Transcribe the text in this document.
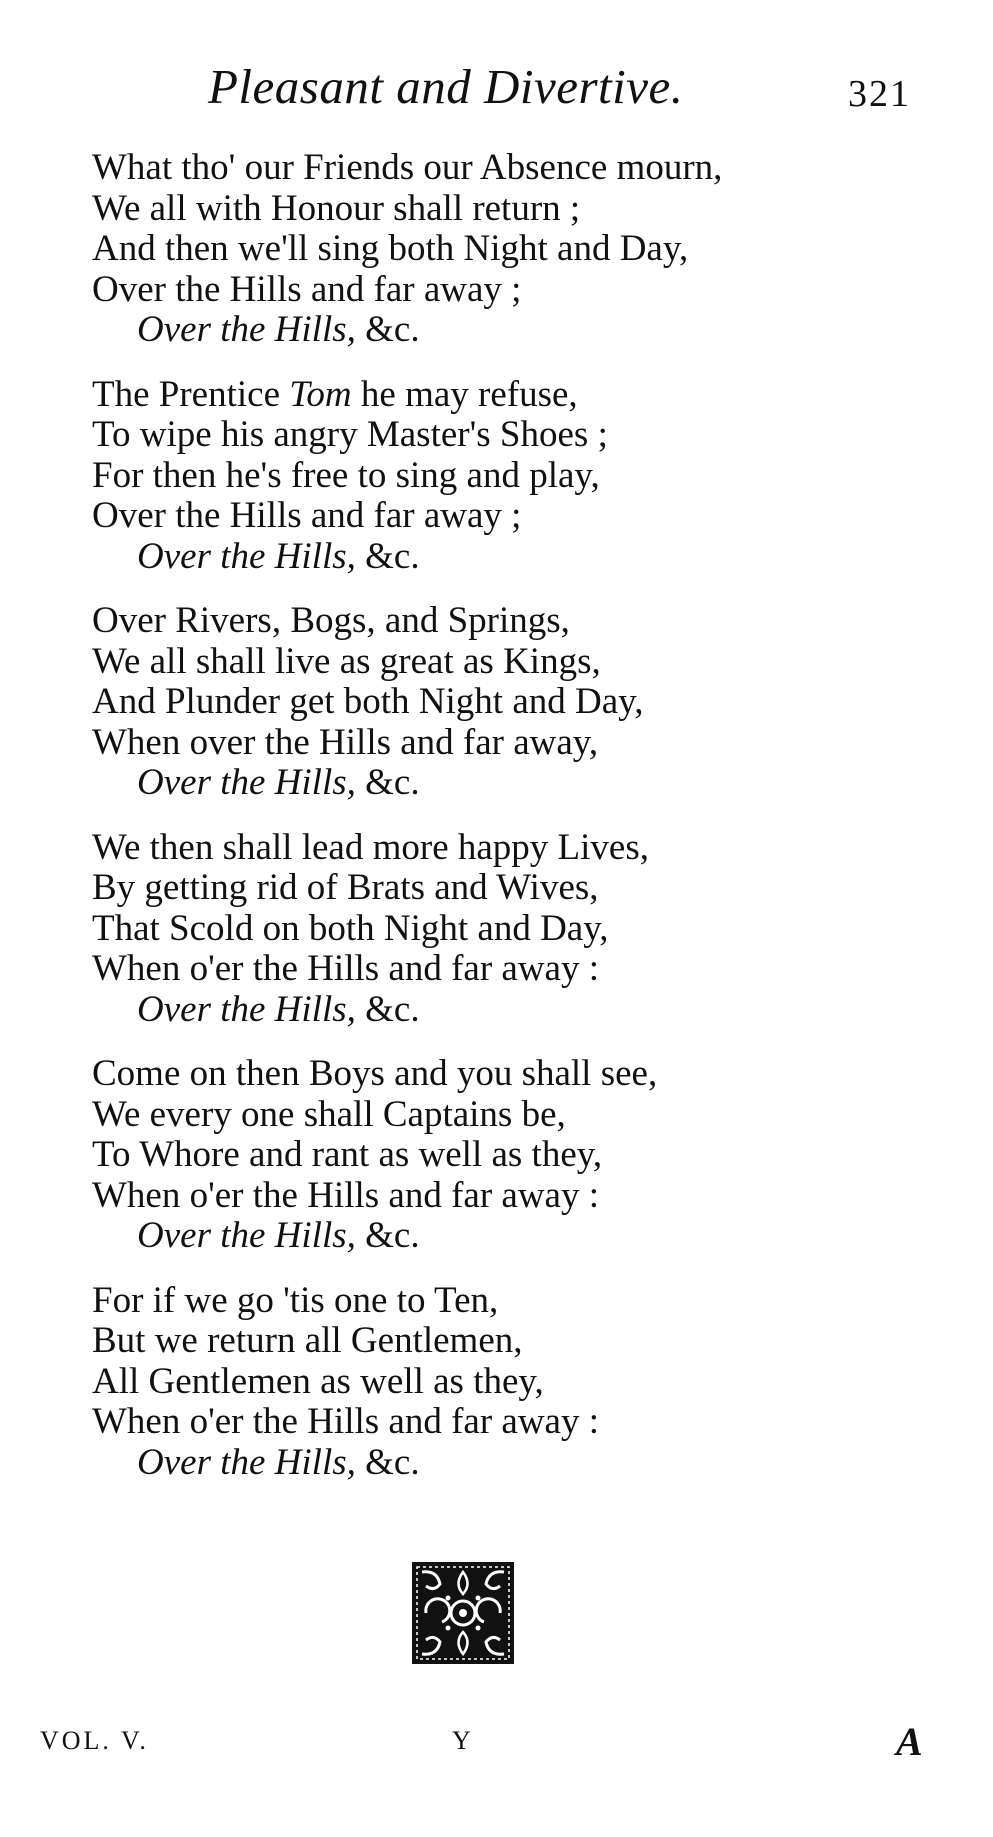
Pleasant and Divertive.	321
What tho' our Friends our Absence mourn,
We all with Honour shall return ;
And then we'll sing both Night and Day,
Over the Hills and far away ;
Over the Hills, &c.
The Prentice Tom he may refuse,
To wipe his angry Master's Shoes ;
For then he's free to sing and play,
Over the Hills and far away ;
Over the Hills, &c.
Over Rivers, Bogs, and Springs,
We all shall live as great as Kings,
And Plunder get both Night and Day,
When over the Hills and far away,
Over the Hills, &c.
We then shall lead more happy Lives,
By getting rid of Brats and Wives,
That Scold on both Night and Day,
When o'er the Hills and far away :
Over the Hills, &c.
Come on then Boys and you shall see,
We every one shall Captains be,
To Whore and rant as well as they,
When o'er the Hills and far away :
Over the Hills, &c.
For if we go 'tis one to Ten,
But we return all Gentlemen,
All Gentlemen as well as they,
When o'er the Hills and far away :
Over the Hills, &c.
VOL. V.	Y	A
